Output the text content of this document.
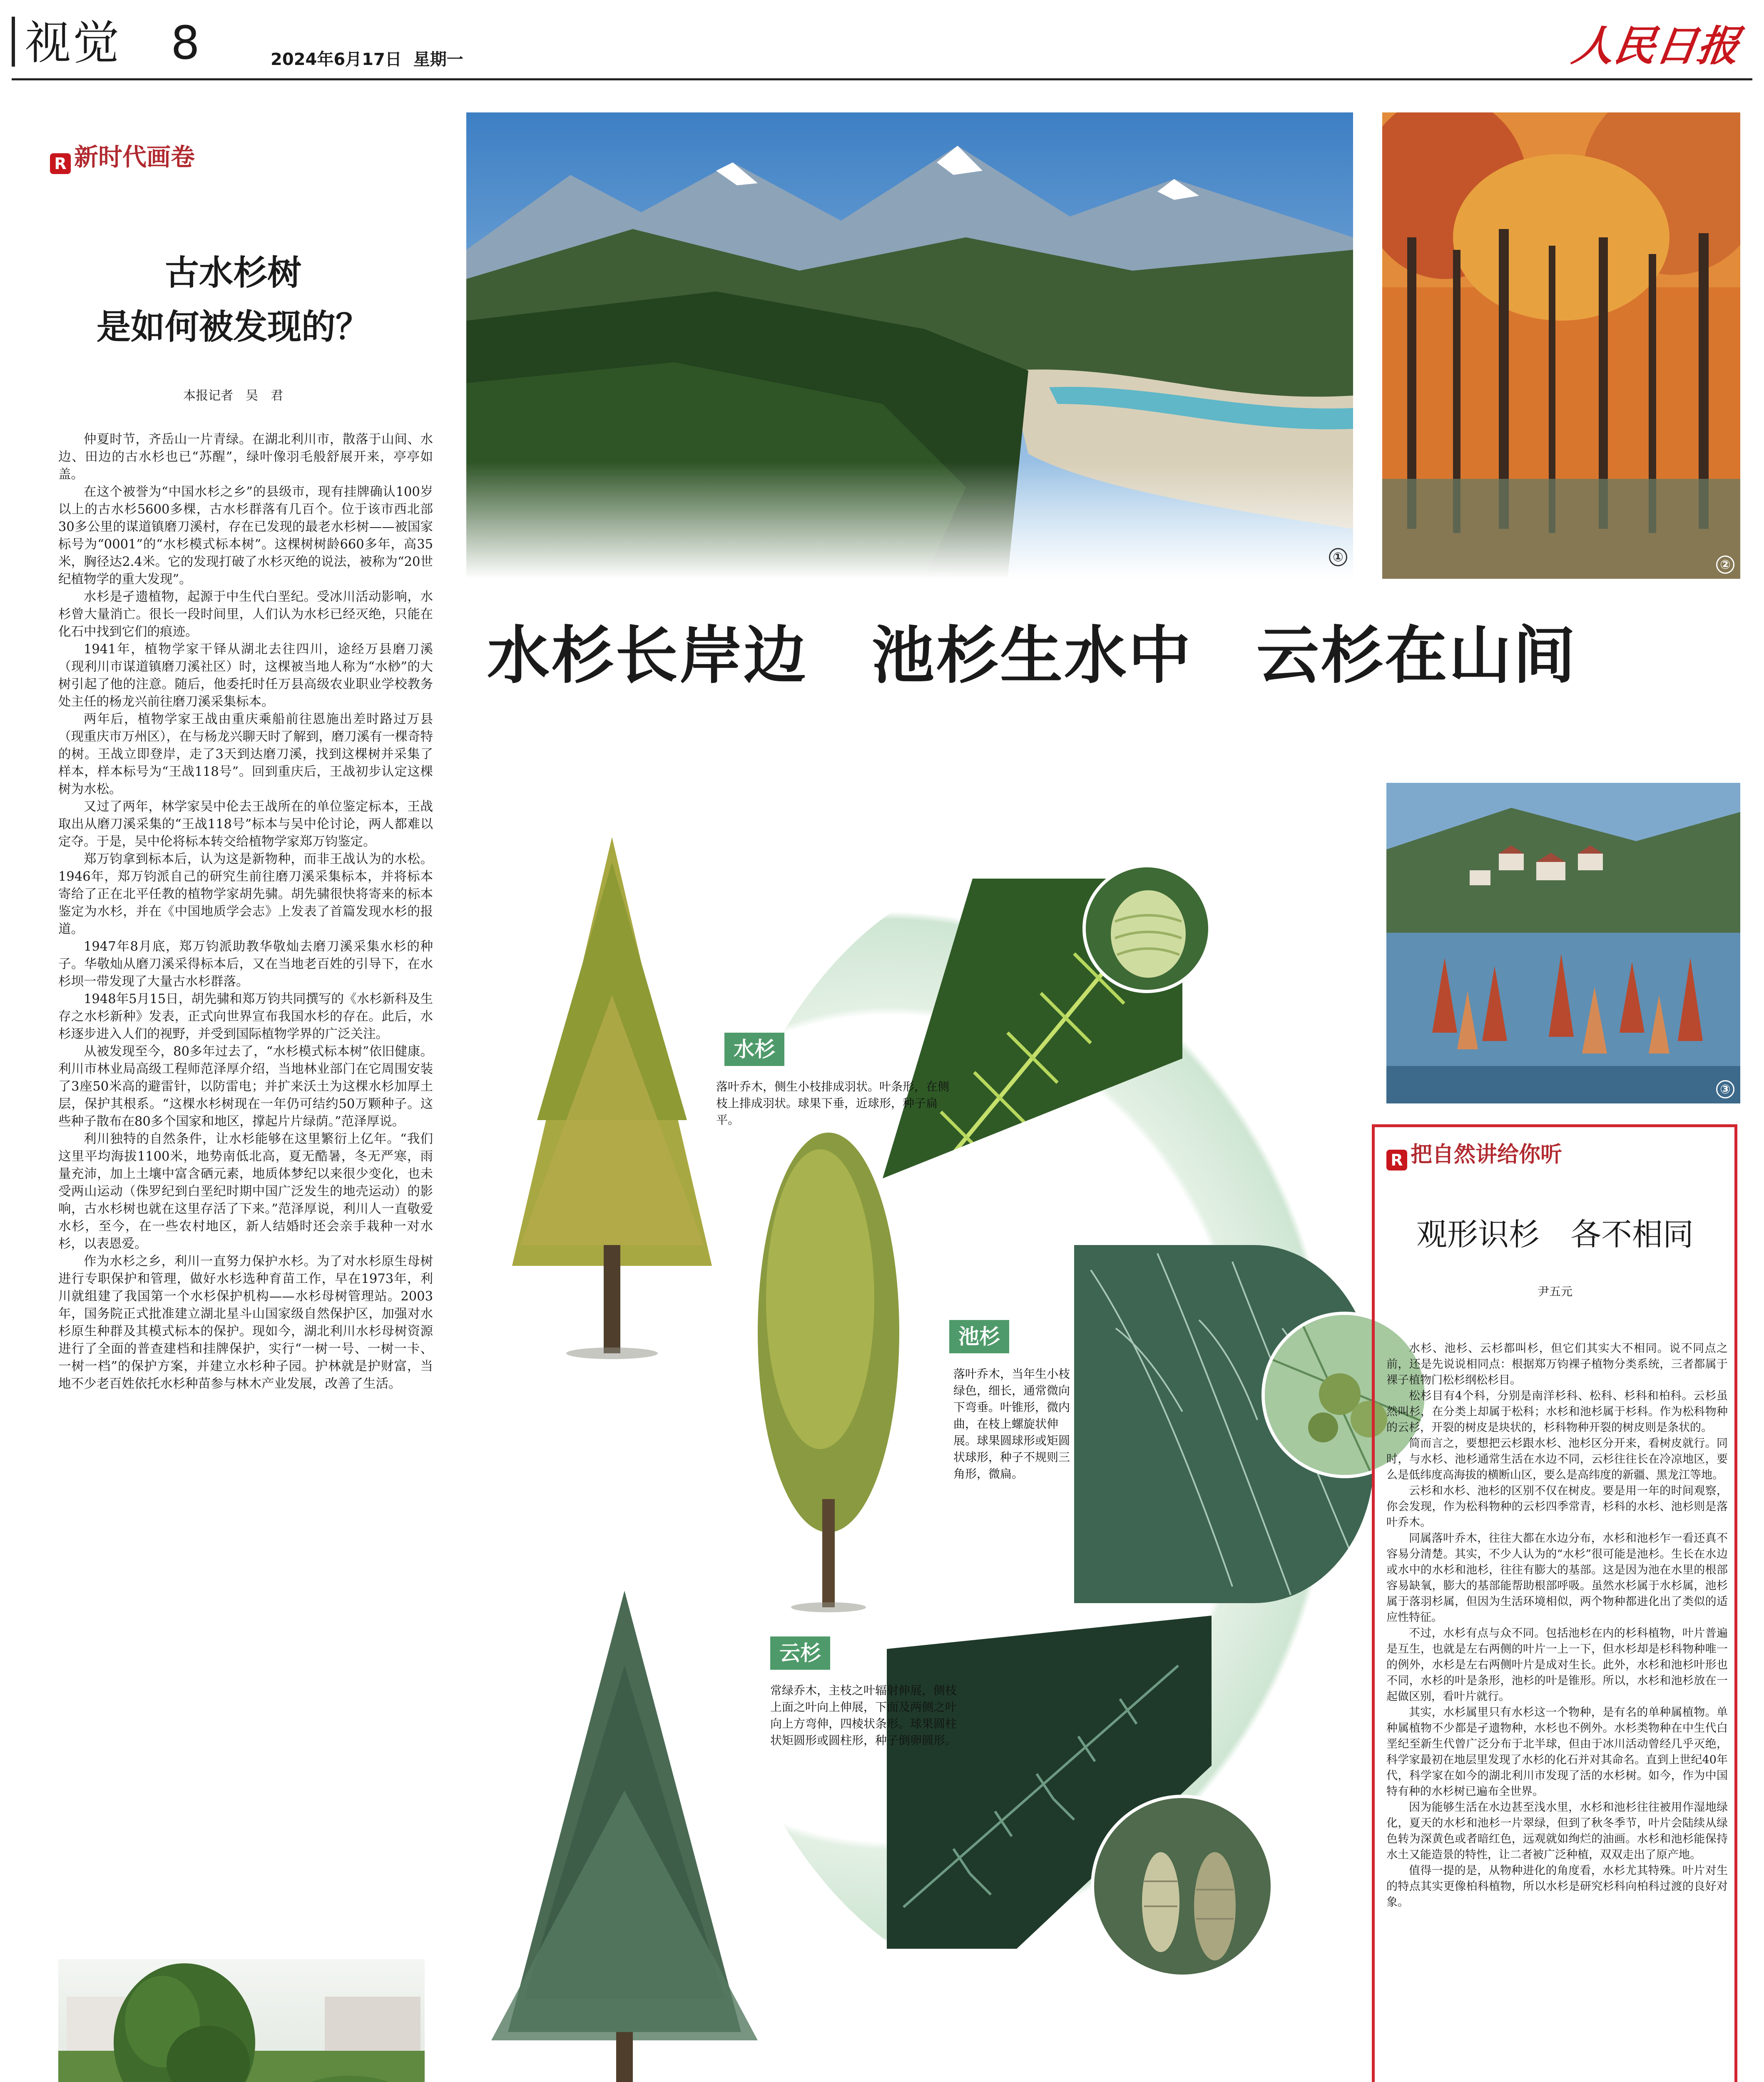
视觉 8	2024年6月17日 星期一	人民日报
R 新时代画卷
古水杉树
是如何被发现的？
本报记者　吴　君

仲夏时节，齐岳山一片青绿。在湖北利川市，散落于山间、水边、田边的古水杉也已“苏醒”，绿叶像羽毛般舒展开来，亭亭如盖。

在这个被誉为“中国水杉之乡”的县级市，现有挂牌确认100岁以上的古水杉5600多棵，古水杉群落有几百个。位于该市西北部30多公里的谋道镇磨刀溪村，存在已发现的最老水杉树——被国家标号为“0001”的“水杉模式标本树”。这棵树树龄660多年，高35米，胸径达2.4米。它的发现打破了水杉灭绝的说法，被称为“20世纪植物学的重大发现”。

水杉是孑遗植物，起源于中生代白垩纪。受冰川活动影响，水杉曾大量消亡。很长一段时间里，人们认为水杉已经灭绝，只能在化石中找到它们的痕迹。

1941年，植物学家干铎从湖北去往四川，途经万县磨刀溪（现利川市谋道镇磨刀溪社区）时，这棵被当地人称为“水桫”的大树引起了他的注意。随后，他委托时任万县高级农业职业学校教务处主任的杨龙兴前往磨刀溪采集标本。

两年后，植物学家王战由重庆乘船前往恩施出差时路过万县（现重庆市万州区），在与杨龙兴聊天时了解到，磨刀溪有一棵奇特的树。王战立即登岸，走了3天到达磨刀溪，找到这棵树并采集了样本，样本标号为“王战118号”。回到重庆后，王战初步认定这棵树为水松。

又过了两年，林学家吴中伦去王战所在的单位鉴定标本，王战取出从磨刀溪采集的“王战118号”标本与吴中伦讨论，两人都难以定夺。于是，吴中伦将标本转交给植物学家郑万钧鉴定。

郑万钧拿到标本后，认为这是新物种，而非王战认为的水松。1946年，郑万钧派自己的研究生前往磨刀溪采集标本，并将标本寄给了正在北平任教的植物学家胡先骕。胡先骕很快将寄来的标本鉴定为水杉，并在《中国地质学会志》上发表了首篇发现水杉的报道。

1947年8月底，郑万钧派助教华敬灿去磨刀溪采集水杉的种子。华敬灿从磨刀溪采得标本后，又在当地老百姓的引导下，在水杉坝一带发现了大量古水杉群落。

1948年5月15日，胡先骕和郑万钧共同撰写的《水杉新科及生存之水杉新种》发表，正式向世界宣布我国水杉的存在。此后，水杉逐步进入人们的视野，并受到国际植物学界的广泛关注。

从被发现至今，80多年过去了，“水杉模式标本树”依旧健康。利川市林业局高级工程师范泽厚介绍，当地林业部门在它周围安装了3座50米高的避雷针，以防雷电；并扩来沃土为这棵水杉加厚土层，保护其根系。“这棵水杉树现在一年仍可结约50万颗种子。这些种子散布在80多个国家和地区，撑起片片绿荫。”范泽厚说。

利川独特的自然条件，让水杉能够在这里繁衍上亿年。“我们这里平均海拔1100米，地势南低北高，夏无酷暑，冬无严寒，雨量充沛，加上土壤中富含硒元素，地质体梦纪以来很少变化，也未受两山运动（侏罗纪到白垩纪时期中国广泛发生的地壳运动）的影响，古水杉树也就在这里存活了下来。”范泽厚说，利川人一直敬爱水杉，至今，在一些农村地区，新人结婚时还会亲手栽种一对水杉，以表恩爱。

作为水杉之乡，利川一直努力保护水杉。为了对水杉原生母树进行专职保护和管理，做好水杉选种育苗工作，早在1973年，利川就组建了我国第一个水杉保护机构——水杉母树管理站。2003年，国务院正式批准建立湖北星斗山国家级自然保护区，加强对水杉原生种群及其模式标本的保护。现如今，湖北利川水杉母树资源进行了全面的普查建档和挂牌保护，实行“一树一号、一树一卡、一树一档”的保护方案，并建立水杉种子园。护林就是护财富，当地不少老百姓依托水杉种苗参与林木产业发展，改善了生活。

①
②
水杉长岸边　池杉生水中　云杉在山间
③
水杉
落叶乔木，侧生小枝排成羽状。叶条形，在侧枝上排成羽状。球果下垂，近球形，种子扁平。
池杉
落叶乔木，当年生小枝绿色，细长，通常微向下弯垂。叶锥形，微内曲，在枝上螺旋状伸展。球果圆球形或矩圆状球形，种子不规则三角形，微扁。
云杉
常绿乔木，主枝之叶辐射伸展，侧枝上面之叶向上伸展，下面及两侧之叶向上方弯伸，四棱状条形。球果圆柱状矩圆形或圆柱形，种子倒卵圆形。
R 把自然讲给你听
观形识杉　各不相同
尹五元

水杉、池杉、云杉都叫杉，但它们其实大不相同。说不同点之前，还是先说说相同点：根据郑万钧裸子植物分类系统，三者都属于裸子植物门松杉纲松杉目。

松杉目有4个科，分别是南洋杉科、松科、杉科和柏科。云杉虽然叫杉，在分类上却属于松科；水杉和池杉属于杉科。作为松科物种的云杉，开裂的树皮是块状的，杉科物种开裂的树皮则是条状的。

简而言之，要想把云杉跟水杉、池杉区分开来，看树皮就行。同时，与水杉、池杉通常生活在水边不同，云杉往往长在冷凉地区，要么是低纬度高海拔的横断山区，要么是高纬度的新疆、黑龙江等地。

云杉和水杉、池杉的区别不仅在树皮。要是用一年的时间观察，你会发现，作为松科物种的云杉四季常青，杉科的水杉、池杉则是落叶乔木。

同属落叶乔木，往往大都在水边分布，水杉和池杉乍一看还真不容易分清楚。其实，不少人认为的“水杉”很可能是池杉。生长在水边或水中的水杉和池杉，往往有膨大的基部。这是因为池在水里的根部容易缺氧，膨大的基部能帮助根部呼吸。虽然水杉属于水杉属，池杉属于落羽杉属，但因为生活环境相似，两个物种都进化出了类似的适应性特征。

不过，水杉有点与众不同。包括池杉在内的杉科植物，叶片普遍是互生，也就是左右两侧的叶片一上一下，但水杉却是杉科物种唯一的例外，水杉是左右两侧叶片是成对生长。此外，水杉和池杉叶形也不同，水杉的叶是条形，池杉的叶是锥形。所以，水杉和池杉放在一起做区别，看叶片就行。

其实，水杉属里只有水杉这一个物种，是有名的单种属植物。单种属植物不少都是孑遗物种，水杉也不例外。水杉类物种在中生代白垩纪至新生代曾广泛分布于北半球，但由于冰川活动曾经几乎灭绝，科学家最初在地层里发现了水杉的化石并对其命名。直到上世纪40年代，科学家在如今的湖北利川市发现了活的水杉树。如今，作为中国特有种的水杉树已遍布全世界。

因为能够生活在水边甚至浅水里，水杉和池杉往往被用作湿地绿化，夏天的水杉和池杉一片翠绿，但到了秋冬季节，叶片会陆续从绿色转为深黄色或者暗红色，远观就如绚烂的油画。水杉和池杉能保持水土又能造景的特性，让二者被广泛种植，双双走出了原产地。

值得一提的是，从物种进化的角度看，水杉尤其特殊。叶片对生的特点其实更像柏科植物，所以水杉是研究杉科向柏科过渡的良好对象。
